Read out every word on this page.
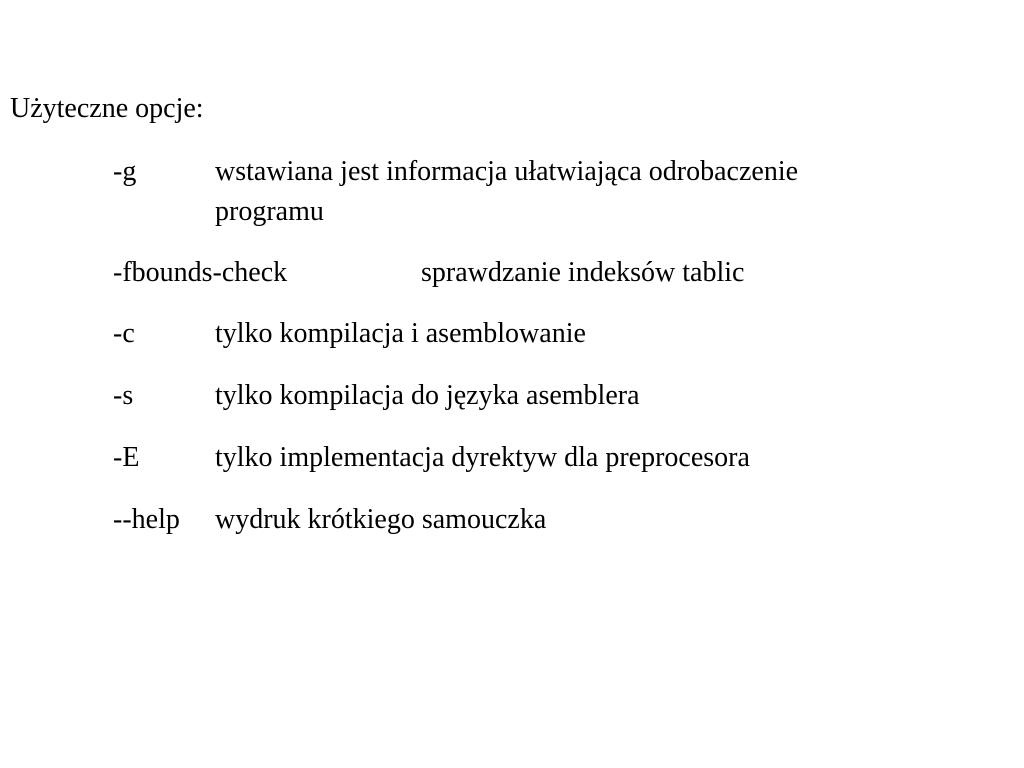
Użyteczne opcje:
-g	wstawiana jest informacja ułatwiająca odrobaczenie
programu
-fbounds-check	sprawdzanie indeksów tablic
-c	tylko kompilacja i asemblowanie
-s	tylko kompilacja do języka asemblera
-E	tylko implementacja dyrektyw dla preprocesora
--help wydruk krótkiego samouczka
